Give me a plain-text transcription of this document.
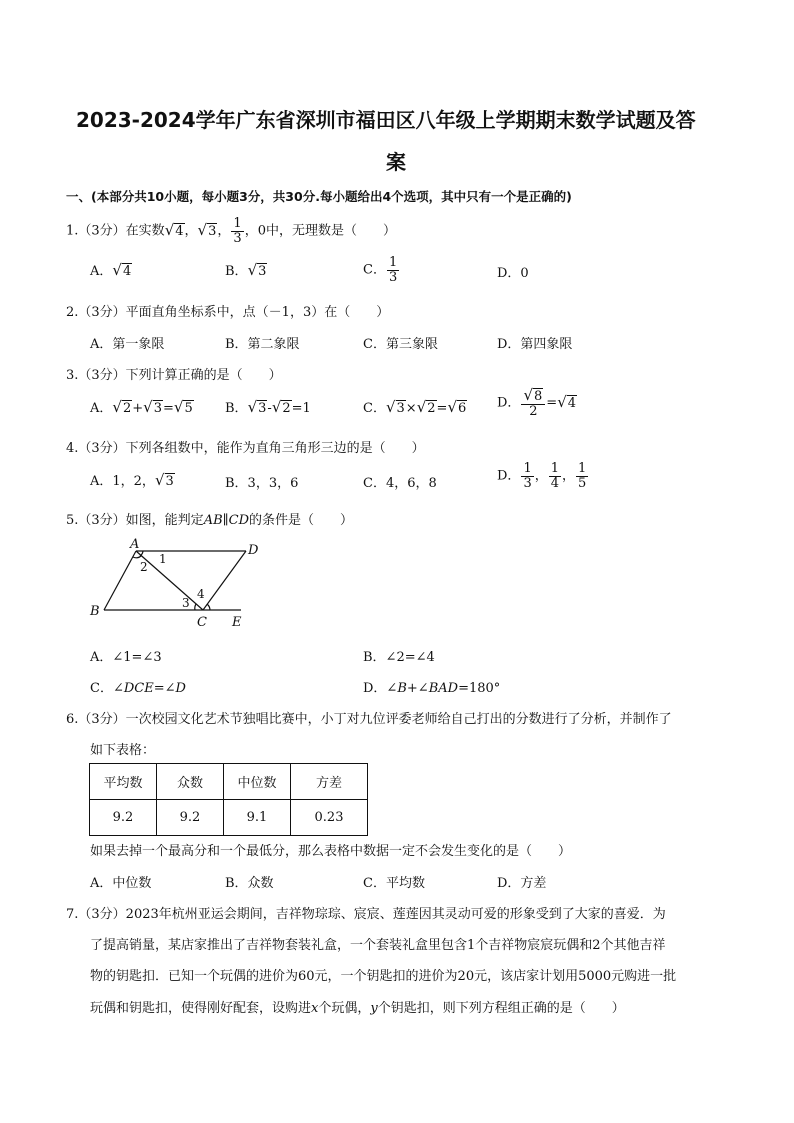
2023-2024学年广东省深圳市福田区八年级上学期期末数学试题及答
案
一、(本部分共10小题，每小题3分，共30分.每小题给出4个选项，其中只有一个是正确的)
1.（3分）在实数√4，√3， $\frac{1}{3}$ ，0中，无理数是（　　）
A．√4	B．√3	C． $\frac{1}{3}$	D．0
2.（3分）平面直角坐标系中，点（－1，3）在（　　）
A．第一象限	B．第二象限	C．第三象限	D．第四象限
3.（3分）下列计算正确的是（　　）
A．√2+√3=√5 B．√3-√2=1	C．√3×√2=√6 D． $\frac{√8}{2} =√4$
4.（3分）下列各组数中，能作为直角三角形三边的是（　　）
A．1，2，√3	B．3，3，6	C．4，6，8	D． $\frac{1}{3}$ ， $\frac{1}{4}$ ， $\frac{1}{5}$
5.（3分）如图，能判定AB∥CD的条件是（　　）
A	D
B
C E
1
2
3
4
A．∠1=∠3	B．∠2=∠4
C．∠DCE=∠D	D．∠B+∠BAD=180°
6.（3分）一次校园文化艺术节独唱比赛中，小丁对九位评委老师给自己打出的分数进行了分析，并制作了
如下表格：
平均数	众数	中位数	方差
9.2	9.2	9.1	0.23
如果去掉一个最高分和一个最低分，那么表格中数据一定不会发生变化的是（　　）
A．中位数	B．众数	C．平均数	D．方差
7.（3分）2023年杭州亚运会期间，吉祥物琮琮、宸宸、莲莲因其灵动可爱的形象受到了大家的喜爱．为
了提高销量，某店家推出了吉祥物套装礼盒，一个套装礼盒里包含1个吉祥物宸宸玩偶和2个其他吉祥
物的钥匙扣．已知一个玩偶的进价为60元，一个钥匙扣的进价为20元，该店家计划用5000元购进一批
玩偶和钥匙扣，使得刚好配套，设购进x个玩偶，y个钥匙扣，则下列方程组正确的是（　　）
